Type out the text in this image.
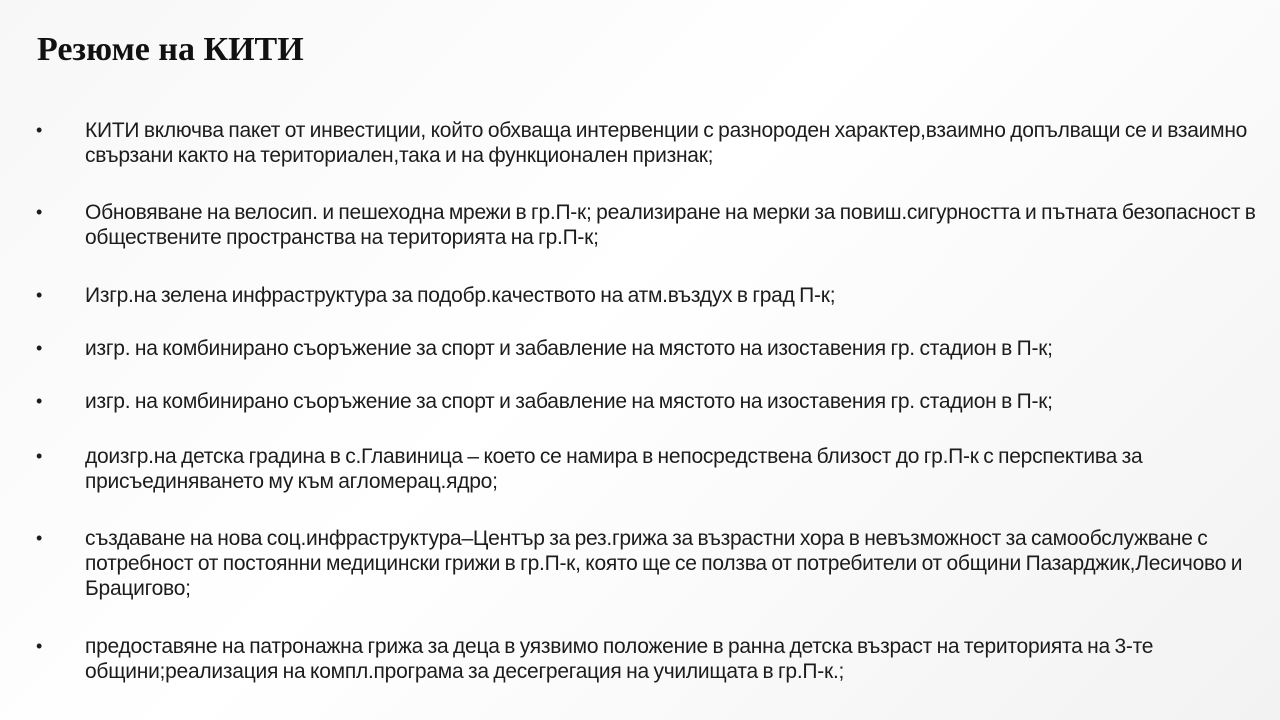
Резюме на КИТИ
•	КИТИ включва пакет от инвестиции, който обхваща интервенции с разнороден характер,взаимно допълващи се и взаимно свързани както на териториален,така и на функционален признак;
•	Обновяване на велосип. и пешеходна мрежи в гр.П-к; реализиране на мерки за повиш.сигурността и пътната безопасност в обществените пространства на територията на гр.П-к;
•	Изгр.на зелена инфраструктура за подобр.качеството на атм.въздух в град П-к;
•	изгр. на комбинирано съоръжение за спорт и забавление на мястото на изоставения гр. стадион в П-к;
•	изгр. на комбинирано съоръжение за спорт и забавление на мястото на изоставения гр. стадион в П-к;
•	доизгр.на детска градина в с.Главиница – което се намира в непосредствена близост до гр.П-к с перспектива за присъединяването му към агломерац.ядро;
•	създаване на нова соц.инфраструктура–Център за рез.грижа за възрастни хора в невъзможност за самообслужване с потребност от постоянни медицински грижи в гр.П-к, която ще се ползва от потребители от общини Пазарджик,Лесичово и Брацигово;
•	предоставяне на патронажна грижа за деца в уязвимо положение в ранна детска възраст на територията на 3-те общини;реализация на компл.програма за десегрегация на училищата в гр.П-к.;
